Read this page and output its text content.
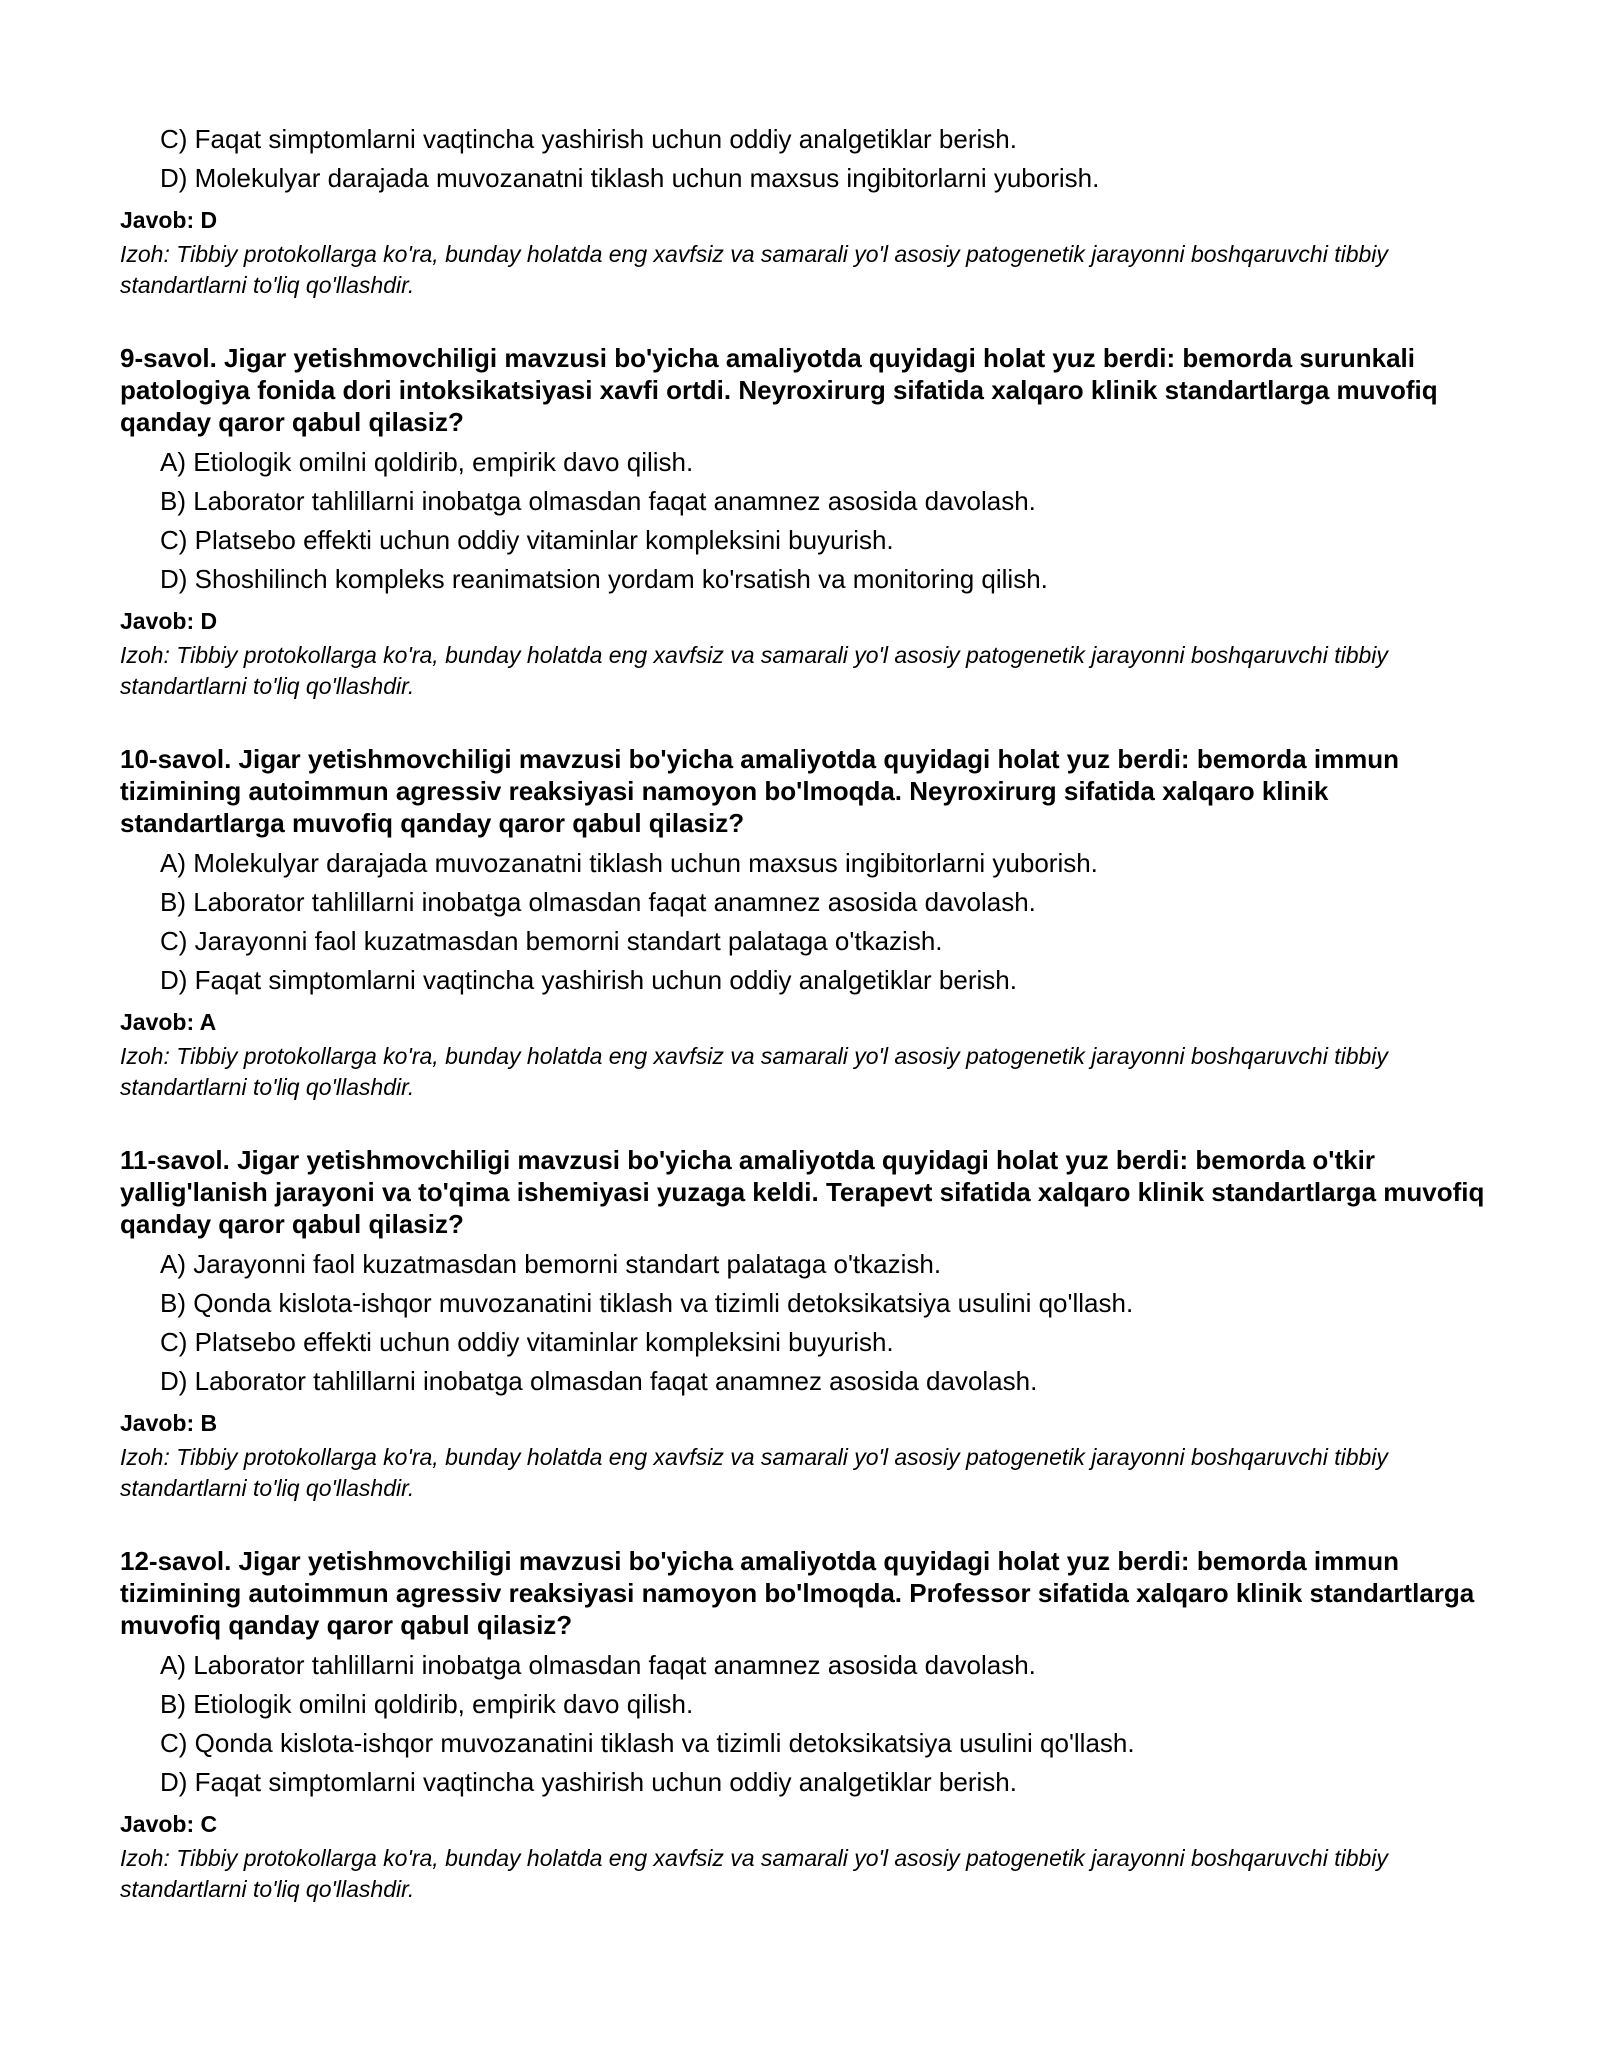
C) Faqat simptomlarni vaqtincha yashirish uchun oddiy analgetiklar berish.
D) Molekulyar darajada muvozanatni tiklash uchun maxsus ingibitorlarni yuborish.
Javob: D
Izoh: Tibbiy protokollarga ko'ra, bunday holatda eng xavfsiz va samarali yo'l asosiy patogenetik jarayonni boshqaruvchi tibbiy standartlarni to'liq qo'llashdir.
9-savol. Jigar yetishmovchiligi mavzusi bo'yicha amaliyotda quyidagi holat yuz berdi: bemorda surunkali patologiya fonida dori intoksikatsiyasi xavfi ortdi. Neyroxirurg sifatida xalqaro klinik standartlarga muvofiq qanday qaror qabul qilasiz?
A) Etiologik omilni qoldirib, empirik davo qilish.
B) Laborator tahlillarni inobatga olmasdan faqat anamnez asosida davolash.
C) Platsebo effekti uchun oddiy vitaminlar kompleksini buyurish.
D) Shoshilinch kompleks reanimatsion yordam ko'rsatish va monitoring qilish.
Javob: D
Izoh: Tibbiy protokollarga ko'ra, bunday holatda eng xavfsiz va samarali yo'l asosiy patogenetik jarayonni boshqaruvchi tibbiy standartlarni to'liq qo'llashdir.
10-savol. Jigar yetishmovchiligi mavzusi bo'yicha amaliyotda quyidagi holat yuz berdi: bemorda immun tizimining autoimmun agressiv reaksiyasi namoyon bo'lmoqda. Neyroxirurg sifatida xalqaro klinik standartlarga muvofiq qanday qaror qabul qilasiz?
A) Molekulyar darajada muvozanatni tiklash uchun maxsus ingibitorlarni yuborish.
B) Laborator tahlillarni inobatga olmasdan faqat anamnez asosida davolash.
C) Jarayonni faol kuzatmasdan bemorni standart palataga o'tkazish.
D) Faqat simptomlarni vaqtincha yashirish uchun oddiy analgetiklar berish.
Javob: A
Izoh: Tibbiy protokollarga ko'ra, bunday holatda eng xavfsiz va samarali yo'l asosiy patogenetik jarayonni boshqaruvchi tibbiy standartlarni to'liq qo'llashdir.
11-savol. Jigar yetishmovchiligi mavzusi bo'yicha amaliyotda quyidagi holat yuz berdi: bemorda o'tkir yallig'lanish jarayoni va to'qima ishemiyasi yuzaga keldi. Terapevt sifatida xalqaro klinik standartlarga muvofiq qanday qaror qabul qilasiz?
A) Jarayonni faol kuzatmasdan bemorni standart palataga o'tkazish.
B) Qonda kislota-ishqor muvozanatini tiklash va tizimli detoksikatsiya usulini qo'llash.
C) Platsebo effekti uchun oddiy vitaminlar kompleksini buyurish.
D) Laborator tahlillarni inobatga olmasdan faqat anamnez asosida davolash.
Javob: B
Izoh: Tibbiy protokollarga ko'ra, bunday holatda eng xavfsiz va samarali yo'l asosiy patogenetik jarayonni boshqaruvchi tibbiy standartlarni to'liq qo'llashdir.
12-savol. Jigar yetishmovchiligi mavzusi bo'yicha amaliyotda quyidagi holat yuz berdi: bemorda immun tizimining autoimmun agressiv reaksiyasi namoyon bo'lmoqda. Professor sifatida xalqaro klinik standartlarga muvofiq qanday qaror qabul qilasiz?
A) Laborator tahlillarni inobatga olmasdan faqat anamnez asosida davolash.
B) Etiologik omilni qoldirib, empirik davo qilish.
C) Qonda kislota-ishqor muvozanatini tiklash va tizimli detoksikatsiya usulini qo'llash.
D) Faqat simptomlarni vaqtincha yashirish uchun oddiy analgetiklar berish.
Javob: C
Izoh: Tibbiy protokollarga ko'ra, bunday holatda eng xavfsiz va samarali yo'l asosiy patogenetik jarayonni boshqaruvchi tibbiy standartlarni to'liq qo'llashdir.
